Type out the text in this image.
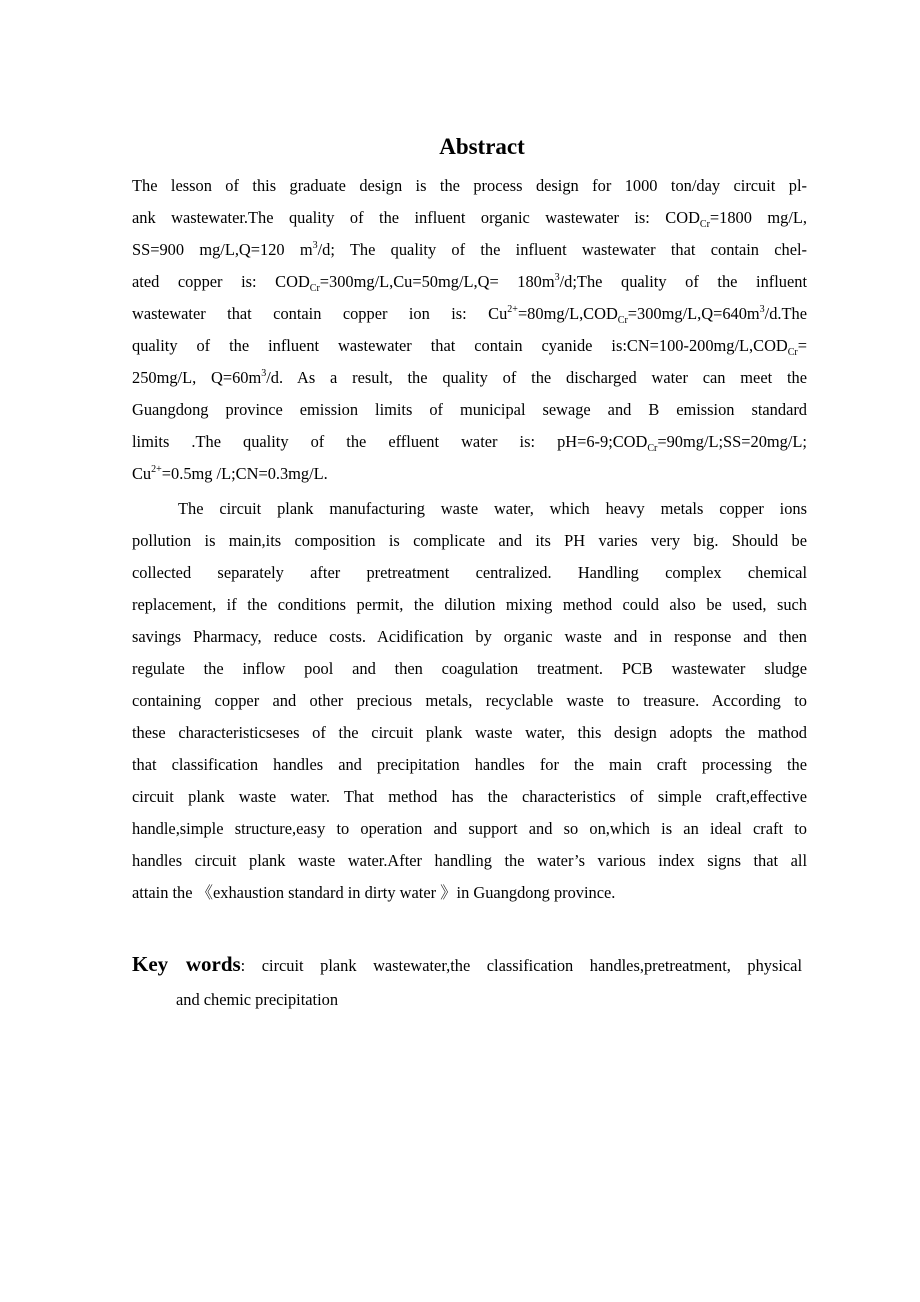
Abstract
The lesson of this graduate design is the process design for 1000 ton/day circuit pl-
ank wastewater.The quality of the influent organic wastewater is: $COD_{Cr}=1800$ mg/L,
SS=900 mg/L,Q=120 $m^3/d$; The quality of the influent wastewater that contain chel-
ated copper is: $COD_{Cr}=300mg/L,Cu=50mg/L,Q=$ $180m^3/d;The$ quality of the influent
wastewater that contain copper ion is: $Cu^{2+}=80mg/L,COD_{Cr}=300mg/L,Q=640m^3/d.The$
quality of the influent wastewater that contain cyanide $is:CN=100-200mg/L,COD_{Cr}=$
250mg/L, $Q=60m^3/d$. As a result, the quality of the discharged water can meet the
Guangdong province emission limits of municipal sewage and B emission standard
limits .The quality of the effluent water is: $pH=6-9;COD_{Cr}=90mg/L;SS=20mg/L$;
$Cu^{2+}=0.5mg$ /L;CN=0.3mg/L.
The circuit plank manufacturing waste water, which heavy metals copper ions
pollution is main,its composition is complicate and its PH varies very big. Should be
collected separately after pretreatment centralized. Handling complex chemical
replacement, if the conditions permit, the dilution mixing method could also be used, such
savings Pharmacy, reduce costs. Acidification by organic waste and in response and then
regulate the inflow pool and then coagulation treatment. PCB wastewater sludge
containing copper and other precious metals, recyclable waste to treasure. According to
these characteristicseses of the circuit plank waste water, this design adopts the mathod
that classification handles and precipitation handles for the main craft processing the
circuit plank waste water. That method has the characteristics of simple craft,effective
handle,simple structure,easy to operation and support and so on,which is an ideal craft to
handles circuit plank waste water.After handling the water’s various index signs that all
attain the 《exhaustion standard in dirty water 》in Guangdong province.
Key words: circuit plank wastewater,the classification handles,pretreatment, physical
and chemic precipitation
